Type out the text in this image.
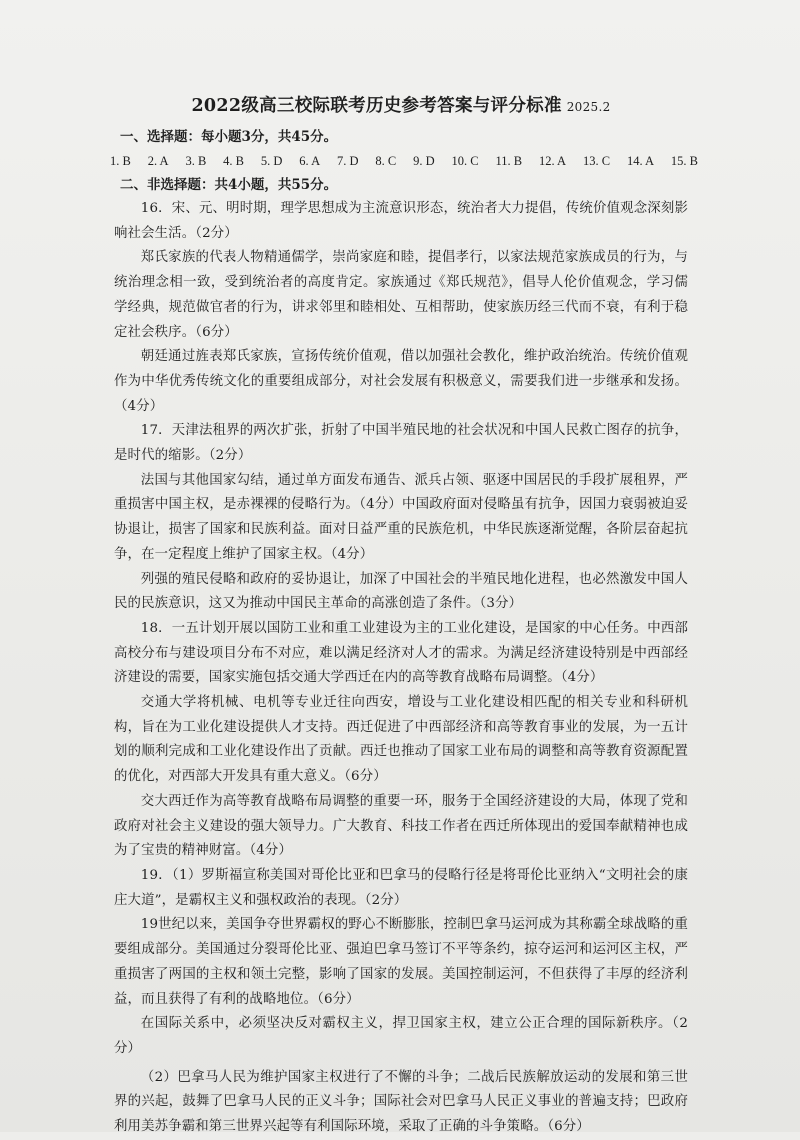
2022级高三校际联考历史参考答案与评分标准 2025.2
一、选择题：每小题3分，共45分。
1. B 2. A 3. B 4. B 5. D 6. A 7. D 8. C 9. D 10. C 11. B 12. A 13. C 14. A 15. B
二、非选择题：共4小题，共55分。

16．宋、元、明时期，理学思想成为主流意识形态，统治者大力提倡，传统价值观念深刻影响社会生活。（2分）

郑氏家族的代表人物精通儒学，崇尚家庭和睦，提倡孝行，以家法规范家族成员的行为，与统治理念相一致，受到统治者的高度肯定。家族通过《郑氏规范》，倡导人伦价值观念，学习儒学经典，规范做官者的行为，讲求邻里和睦相处、互相帮助，使家族历经三代而不衰，有利于稳定社会秩序。（6分）

朝廷通过旌表郑氏家族，宣扬传统价值观，借以加强社会教化，维护政治统治。传统价值观作为中华优秀传统文化的重要组成部分，对社会发展有积极意义，需要我们进一步继承和发扬。（4分）

17．天津法租界的两次扩张，折射了中国半殖民地的社会状况和中国人民救亡图存的抗争，是时代的缩影。（2分）

法国与其他国家勾结，通过单方面发布通告、派兵占领、驱逐中国居民的手段扩展租界，严重损害中国主权，是赤裸裸的侵略行为。（4分）中国政府面对侵略虽有抗争，因国力衰弱被迫妥协退让，损害了国家和民族利益。面对日益严重的民族危机，中华民族逐渐觉醒，各阶层奋起抗争，在一定程度上维护了国家主权。（4分）

列强的殖民侵略和政府的妥协退让，加深了中国社会的半殖民地化进程，也必然激发中国人民的民族意识，这又为推动中国民主革命的高涨创造了条件。（3分）

18．一五计划开展以国防工业和重工业建设为主的工业化建设，是国家的中心任务。中西部高校分布与建设项目分布不对应，难以满足经济对人才的需求。为满足经济建设特别是中西部经济建设的需要，国家实施包括交通大学西迁在内的高等教育战略布局调整。（4分）

交通大学将机械、电机等专业迁往向西安，增设与工业化建设相匹配的相关专业和科研机构，旨在为工业化建设提供人才支持。西迁促进了中西部经济和高等教育事业的发展，为一五计划的顺利完成和工业化建设作出了贡献。西迁也推动了国家工业布局的调整和高等教育资源配置的优化，对西部大开发具有重大意义。（6分）

交大西迁作为高等教育战略布局调整的重要一环，服务于全国经济建设的大局，体现了党和政府对社会主义建设的强大领导力。广大教育、科技工作者在西迁所体现出的爱国奉献精神也成为了宝贵的精神财富。（4分）

19．（1）罗斯福宣称美国对哥伦比亚和巴拿马的侵略行径是将哥伦比亚纳入“文明社会的康庄大道”，是霸权主义和强权政治的表现。（2分）

19世纪以来，美国争夺世界霸权的野心不断膨胀，控制巴拿马运河成为其称霸全球战略的重要组成部分。美国通过分裂哥伦比亚、强迫巴拿马签订不平等条约，掠夺运河和运河区主权，严重损害了两国的主权和领土完整，影响了国家的发展。美国控制运河，不但获得了丰厚的经济利益，而且获得了有利的战略地位。（6分）

在国际关系中，必须坚决反对霸权主义，捍卫国家主权，建立公正合理的国际新秩序。（2分）

（2）巴拿马人民为维护国家主权进行了不懈的斗争；二战后民族解放运动的发展和第三世界的兴起，鼓舞了巴拿马人民的正义斗争；国际社会对巴拿马人民正义事业的普遍支持；巴政府利用美苏争霸和第三世界兴起等有利国际环境，采取了正确的斗争策略。（6分）
